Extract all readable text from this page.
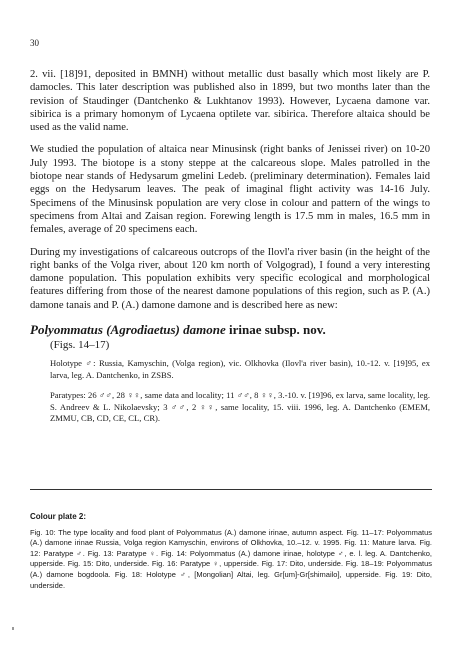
30

2. vii. [18]91, deposited in BMNH) without metallic dust basally which most likely are P. damocles. This later description was published also in 1899, but two months later than the revision of Staudinger (Dantchenko & Lukhtanov 1993). However, Lycaena damone var. sibirica is a primary homonym of Lycaena optilete var. sibirica. Therefore altaica should be used as the valid name.

We studied the population of altaica near Minusinsk (right banks of Jenissei river) on 10-20 July 1993. The biotope is a stony steppe at the calcareous slope. Males patrolled in the biotope near stands of Hedysarum gmelini Ledeb. (preliminary determination). Females laid eggs on the Hedysarum leaves. The peak of imaginal flight activity was 14-16 July. Specimens of the Minusinsk population are very close in colour and pattern of the wings to specimens from Altai and Zaisan region. Forewing length is 17.5 mm in males, 16.5 mm in females, average of 20 specimens each.

During my investigations of calcareous outcrops of the Ilovl'a river basin (in the height of the right banks of the Volga river, about 120 km north of Volgograd), I found a very interesting damone population. This population exhibits very specific ecological and morphological features differing from those of the nearest damone populations of this region, such as P. (A.) damone tanais and P. (A.) damone damone and is described here as new:

Polyommatus (Agrodiaetus) damone irinae subsp. nov.
(Figs. 14–17)

Holotype ♂: Russia, Kamyschin, (Volga region), vic. Olkhovka (Ilovl'a river basin), 10.-12. v. [19]95, ex larva, leg. A. Dantchenko, in ZSBS.

Paratypes: 26 ♂♂, 28 ♀♀, same data and locality; 11 ♂♂, 8 ♀♀, 3.-10. v. [19]96, ex larva, same locality, leg. S. Andreev & L. Nikolaevsky; 3 ♂♂, 2 ♀♀, same locality, 15. viii. 1996, leg. A. Dantchenko (EMEM, ZMMU, CB, CD, CE, CL, CR).

Colour plate 2:
Fig. 10: The type locality and food plant of Polyommatus (A.) damone irinae, autumn aspect. Fig. 11–17: Polyommatus (A.) damone irinae Russia, Volga region Kamyschin, environs of Olkhovka, 10.–12. v. 1995. Fig. 11: Mature larva. Fig. 12: Paratype ♂. Fig. 13: Paratype ♀. Fig. 14: Polyommatus (A.) damone irinae, holotype ♂, e. l. leg. A. Dantchenko, upperside. Fig. 15: Dito, underside. Fig. 16: Paratype ♀, upperside. Fig. 17: Dito, underside. Fig. 18–19: Polyommatus (A.) damone bogdoola. Fig. 18: Holotype ♂, [Mongolian] Altai, leg. Gr[um]-Gr[shimailo], upperside. Fig. 19: Dito, underside.
